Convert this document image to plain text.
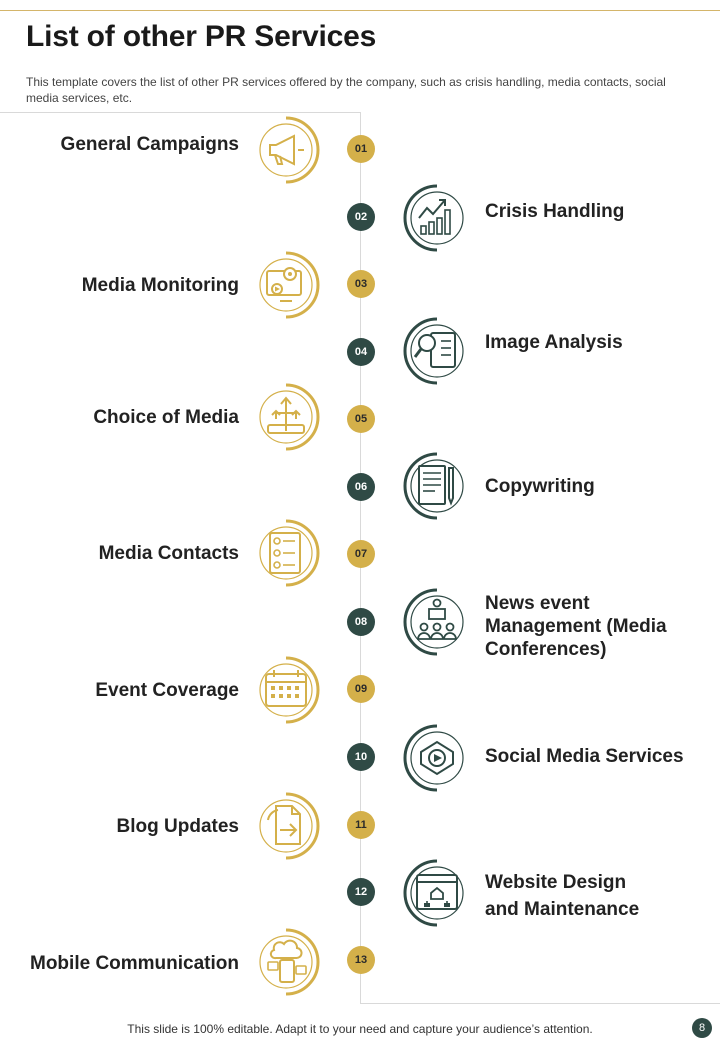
List of other PR Services
This template covers the list of other PR services offered by the company, such as crisis handling, media contacts, social media services, etc.
01
02
03
04
05
06
07
08
09
10
11
12
13
General Campaigns
Crisis Handling
Media Monitoring
Image Analysis
Choice of Media
Copywriting
Media Contacts
News event Management (Media Conferences)
Event Coverage
Social Media Services
Blog Updates
Website Design and Maintenance
Mobile Communication
This slide is 100% editable. Adapt it to your need and capture your audience’s attention.	8
